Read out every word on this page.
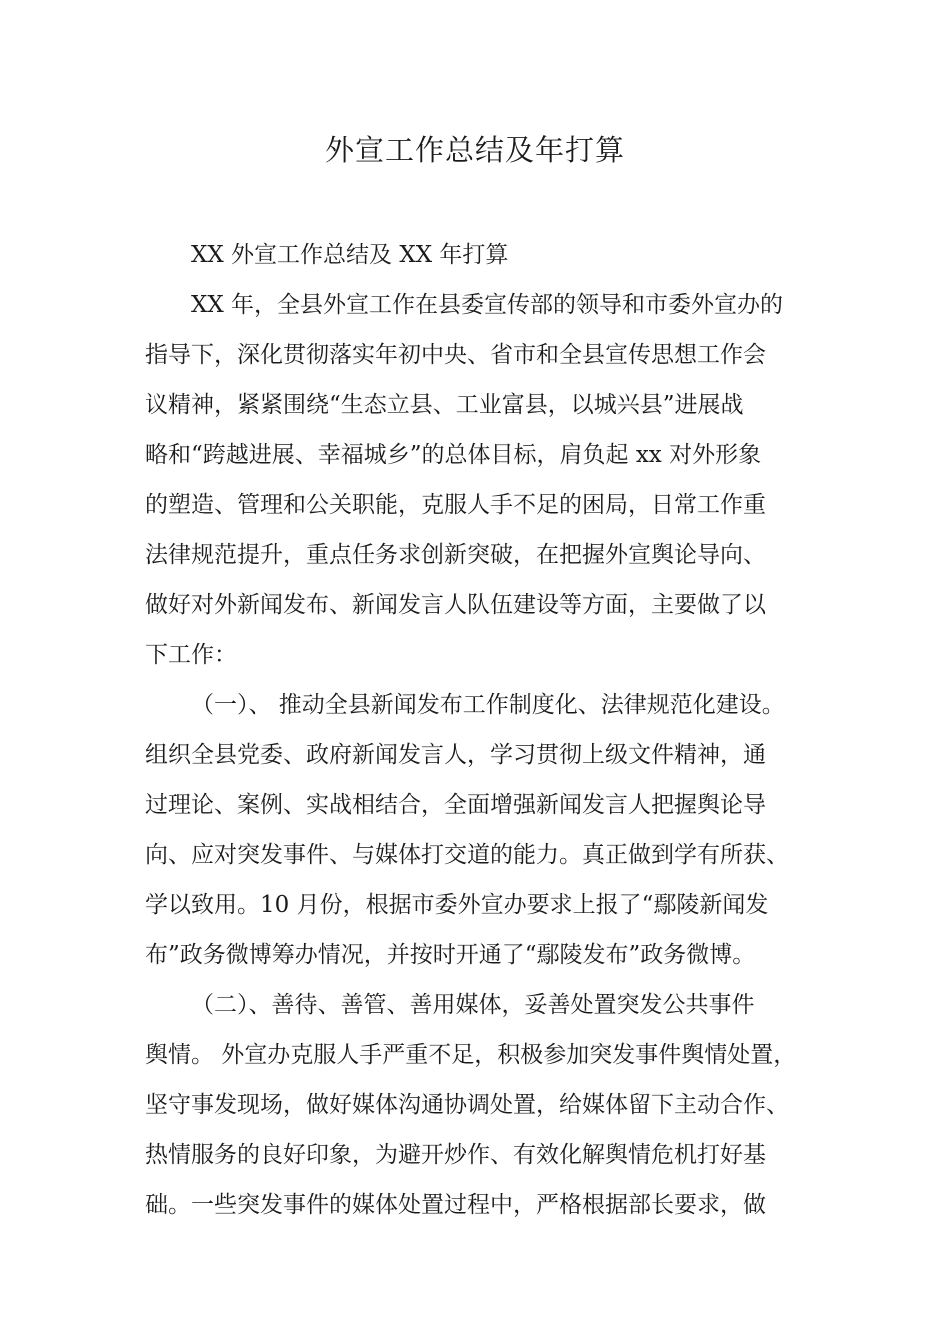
外宣工作总结及年打算

XX 外宣工作总结及 XX 年打算

XX 年，全县外宣工作在县委宣传部的领导和市委外宣办的
指导下，深化贯彻落实年初中央、省市和全县宣传思想工作会
议精神，紧紧围绕“生态立县、工业富县，以城兴县”进展战
略和“跨越进展、幸福城乡”的总体目标，肩负起 xx 对外形象
的塑造、管理和公关职能，克服人手不足的困局，日常工作重
法律规范提升，重点任务求创新突破，在把握外宣舆论导向、
做好对外新闻发布、新闻发言人队伍建设等方面，主要做了以
下工作：

（一）、 推动全县新闻发布工作制度化、法律规范化建设。
组织全县党委、政府新闻发言人，学习贯彻上级文件精神，通
过理论、案例、实战相结合，全面增强新闻发言人把握舆论导
向、应对突发事件、与媒体打交道的能力。真正做到学有所获、
学以致用。10 月份，根据市委外宣办要求上报了“鄢陵新闻发
布”政务微博筹办情况，并按时开通了“鄢陵发布”政务微博。

（二）、善待、善管、善用媒体，妥善处置突发公共事件
舆情。 外宣办克服人手严重不足，积极参加突发事件舆情处置，
坚守事发现场，做好媒体沟通协调处置，给媒体留下主动合作、
热情服务的良好印象，为避开炒作、有效化解舆情危机打好基
础。一些突发事件的媒体处置过程中，严格根据部长要求，做
